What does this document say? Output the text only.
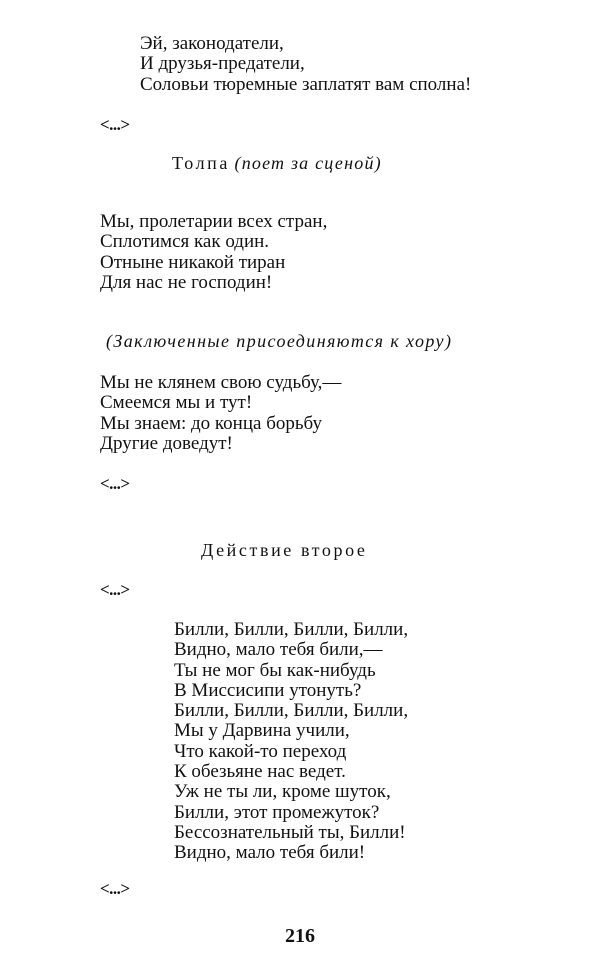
Эй, законодатели,
И друзья-предатели,
Соловьи тюремные заплатят вам сполна!
<...>
Толпа (поет за сценой)
Мы, пролетарии всех стран,
Сплотимся как один.
Отныне никакой тиран
Для нас не господин!
(Заключенные присоединяются к хору)
Мы не клянем свою судьбу,—
Смеемся мы и тут!
Мы знаем: до конца борьбу
Другие доведут!
<...>
Действие второе
<...>
Билли, Билли, Билли, Билли,
Видно, мало тебя били,—
Ты не мог бы как-нибудь
В Миссисипи утонуть?
Билли, Билли, Билли, Билли,
Мы у Дарвина учили,
Что какой-то переход
К обезьяне нас ведет.
Уж не ты ли, кроме шуток,
Билли, этот промежуток?
Бессознательный ты, Билли!
Видно, мало тебя били!
<...>
216
